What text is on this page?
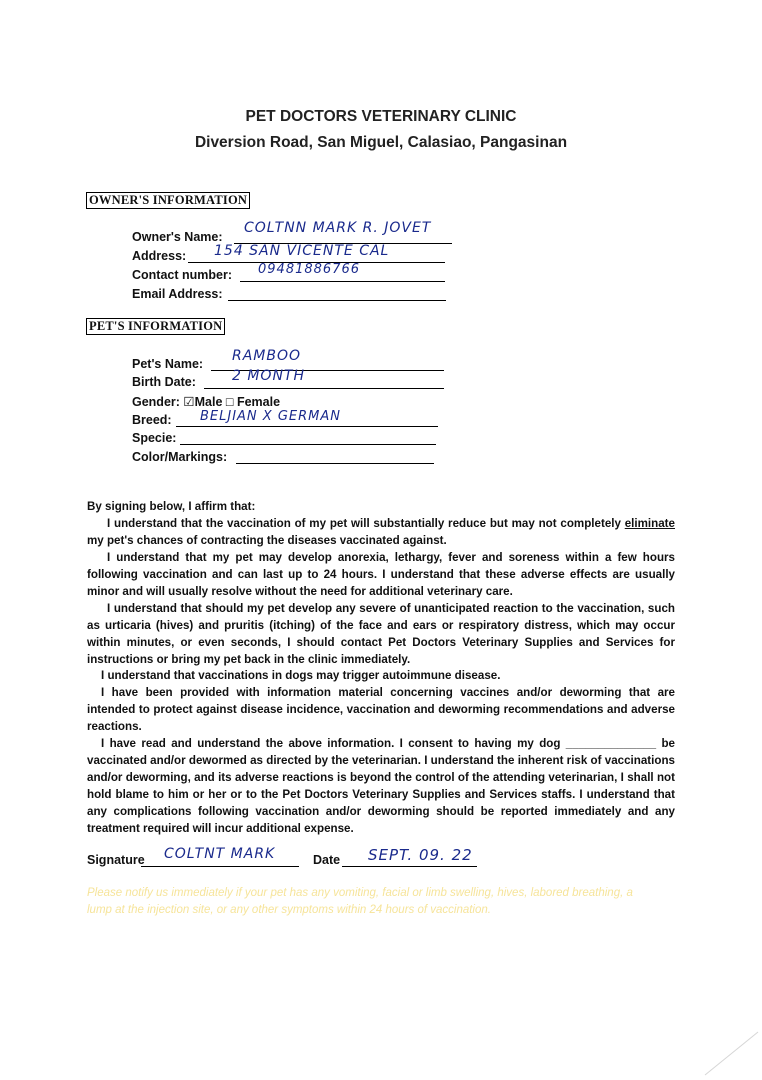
PET DOCTORS VETERINARY CLINIC
Diversion Road, San Miguel, Calasiao, Pangasinan
OWNER'S INFORMATION
Owner's Name:
COLTNN MARK R. JOVET
Address: 154 SAN VICENTE CAL
Contact number: 09481886766
Email Address:
PET'S INFORMATION
Pet's Name: RAMBOO
Birth Date:	2 MONTH
Gender: ☑Male □ Female
Breed: BELJIAN X GERMAN
Specie:
Color/Markings:
By signing below, I affirm that:
I understand that the vaccination of my pet will substantially reduce but may not completely eliminate my pet's chances of contracting the diseases vaccinated against.
I understand that my pet may develop anorexia, lethargy, fever and soreness within a few hours following vaccination and can last up to 24 hours. I understand that these adverse effects are usually minor and will usually resolve without the need for additional veterinary care.
I understand that should my pet develop any severe of unanticipated reaction to the vaccination, such as urticaria (hives) and pruritis (itching) of the face and ears or respiratory distress, which may occur within minutes, or even seconds, I should contact Pet Doctors Veterinary Supplies and Services for instructions or bring my pet back in the clinic immediately.
I understand that vaccinations in dogs may trigger autoimmune disease.
I have been provided with information material concerning vaccines and/or deworming that are intended to protect against disease incidence, vaccination and deworming recommendations and adverse reactions.
I have read and understand the above information. I consent to having my dog ______________ be vaccinated and/or dewormed as directed by the veterinarian. I understand the inherent risk of vaccinations and/or deworming, and its adverse reactions is beyond the control of the attending veterinarian, I shall not hold blame to him or her or to the Pet Doctors Veterinary Supplies and Services staffs. I understand that any complications following vaccination and/or deworming should be reported immediately and any treatment required will incur additional expense.
Signature COLTNT MARK	Date SEPT. 09. 22
Please notify us immediately if your pet has any vomiting, facial or limb swelling, hives, labored breathing, a lump at the injection site, or any other symptoms within 24 hours of vaccination.
